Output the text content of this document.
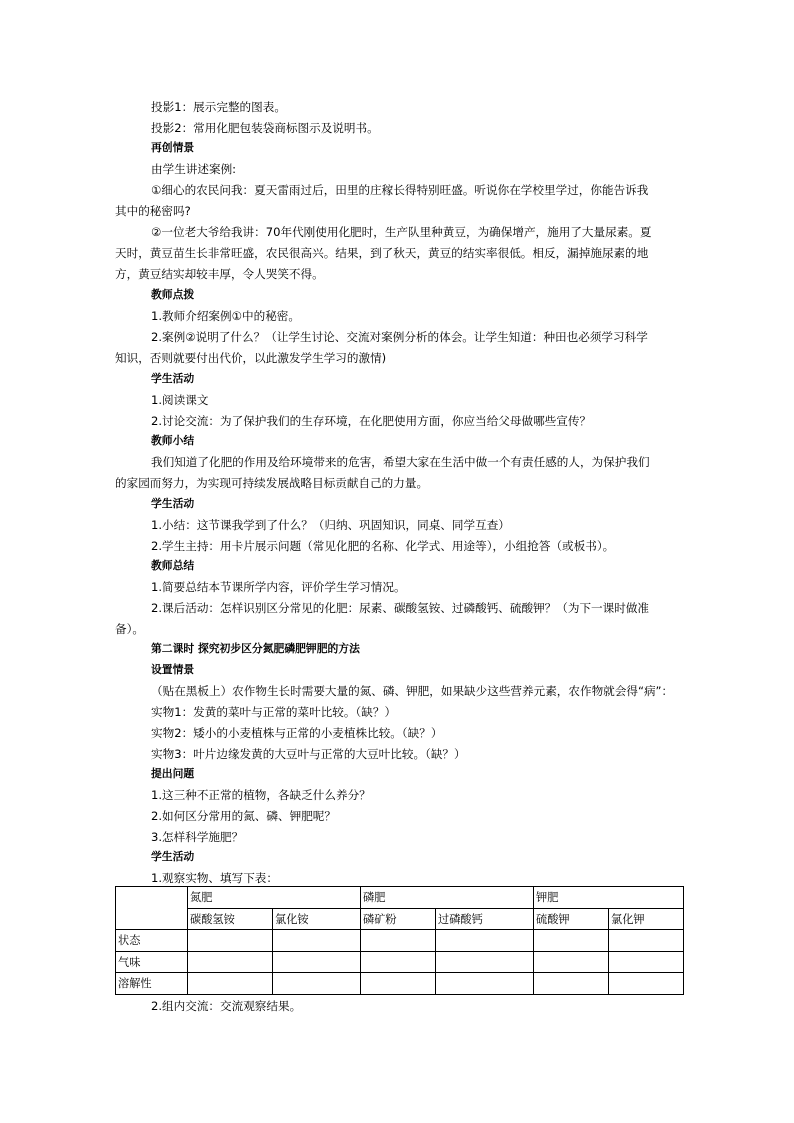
投影1：展示完整的图表。
投影2：常用化肥包装袋商标图示及说明书。
再创情景
由学生讲述案例:
①细心的农民问我：夏天雷雨过后，田里的庄稼长得特别旺盛。听说你在学校里学过，你能告诉我
其中的秘密吗?
②一位老大爷给我讲：70年代刚使用化肥时，生产队里种黄豆，为确保增产，施用了大量尿素。夏
天时，黄豆苗生长非常旺盛，农民很高兴。结果，到了秋天，黄豆的结实率很低。相反，漏掉施尿素的地
方，黄豆结实却较丰厚，令人哭笑不得。
教师点拨
1.教师介绍案例①中的秘密。
2.案例②说明了什么？（让学生讨论、交流对案例分析的体会。让学生知道：种田也必须学习科学
知识，否则就要付出代价，以此激发学生学习的激情)
学生活动
1.阅读课文
2.讨论交流：为了保护我们的生存环境，在化肥使用方面，你应当给父母做哪些宣传？
教师小结
我们知道了化肥的作用及给环境带来的危害，希望大家在生活中做一个有责任感的人，为保护我们
的家园而努力，为实现可持续发展战略目标贡献自己的力量。
学生活动
1.小结：这节课我学到了什么？（归纳、巩固知识，同桌、同学互查）
2.学生主持：用卡片展示问题（常见化肥的名称、化学式、用途等），小组抢答（或板书）。
教师总结
1.简要总结本节课所学内容，评价学生学习情况。
2.课后活动：怎样识别区分常见的化肥：尿素、碳酸氢铵、过磷酸钙、硫酸钾？（为下一课时做准
备）。
第二课时 探究初步区分氮肥磷肥钾肥的方法
设置情景
（贴在黑板上）农作物生长时需要大量的氮、磷、钾肥，如果缺少这些营养元素，农作物就会得“病”：
实物1：发黄的菜叶与正常的菜叶比较。（缺？）
实物2：矮小的小麦植株与正常的小麦植株比较。（缺？）
实物3：叶片边缘发黄的大豆叶与正常的大豆叶比较。（缺？）
提出问题
1.这三种不正常的植物，各缺乏什么养分？
2.如何区分常用的氮、磷、钾肥呢？
3.怎样科学施肥？
学生活动
1.观察实物、填写下表：
	氮肥		磷肥		钾肥	
	碳酸氢铵	氯化铵	磷矿粉	过磷酸钙	硫酸钾	氯化钾
状态						
气味						
溶解性						
2.组内交流：交流观察结果。
